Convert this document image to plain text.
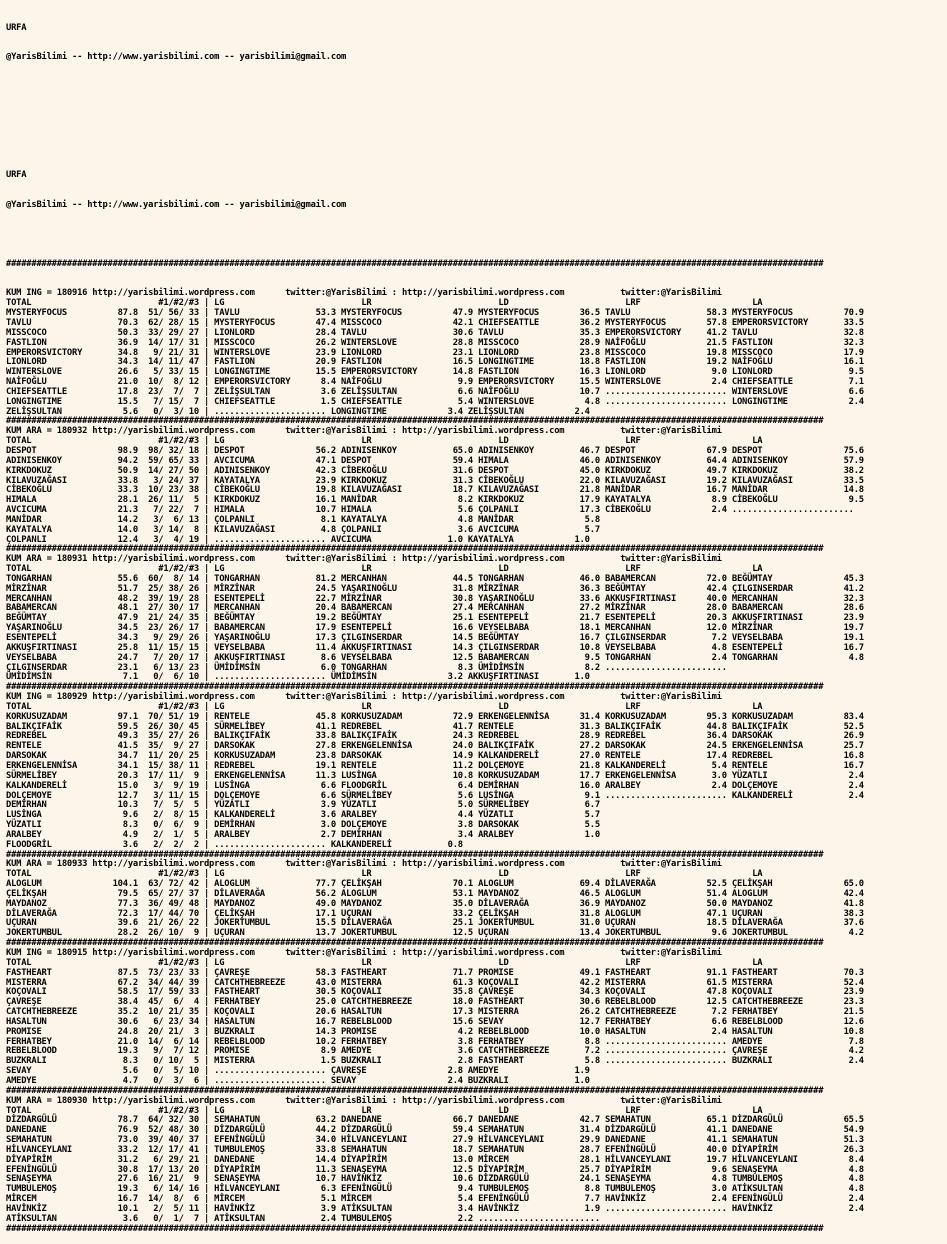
URFA

@YarisBilimi -- http://www.yarisbilimi.com -- yarisbilimi@gmail.com

URFA

@YarisBilimi -- http://www.yarisbilimi.com -- yarisbilimi@gmail.com

#################################################################################################################################################################

KUM ING = 180916 http://yarisbilimi.wordpress.com      twitter:@YarisBilimi : http://yarisbilimi.wordpress.com           twitter:@YarisBilimi
TOTAL                         #1/#2/#3 | LG                           LR                         LD                       LRF                      LA
MYSTERYFOCUS          87.8  51/ 56/ 33 | TAVLU               53.3 MYSTERYFOCUS          47.9 MYSTERYFOCUS        36.5 TAVLU               58.3 MYSTERYFOCUS          70.9
TAVLU                 70.3  62/ 28/ 15 | MYSTERYFOCUS        47.4 MISSCOCO              42.1 CHIEFSEATTLE        36.2 MYSTERYFOCUS        57.8 EMPERORSVICTORY       33.5
MISSCOCO              50.3  33/ 29/ 27 | LIONLORD            28.4 TAVLU                 30.6 TAVLU               35.3 EMPERORSVICTORY     41.2 TAVLU                 32.8
FASTLION              36.9  14/ 17/ 31 | MISSCOCO            26.2 WINTERSLOVE           28.8 MISSCOCO            28.9 NAİFOĞLU            21.5 FASTLION              32.3
EMPERORSVICTORY       34.8   9/ 21/ 31 | WINTERSLOVE         23.9 LIONLORD              23.1 LIONLORD            23.8 MISSCOCO            19.8 MISSCOCO              17.9
LIONLORD              34.3  14/ 11/ 47 | FASTLION            20.9 FASTLION              16.5 LONGINGTIME         18.8 FASTLION            19.2 NAİFOĞLU              16.1
WINTERSLOVE           26.6   5/ 33/ 15 | LONGINGTIME         15.5 EMPERORSVICTORY       14.8 FASTLION            16.3 LIONLORD             9.0 LIONLORD               9.5
NAİFOĞLU              21.0  10/  8/ 12 | EMPERORSVICTORY      8.4 NAİFOĞLU               9.9 EMPERORSVICTORY     15.5 WINTERSLOVE          2.4 CHIEFSEATTLE           7.1
CHIEFSEATTLE          17.8  23/  7/  7 | ZELİŞSULTAN          3.6 ZELİŞSULTAN            6.6 NAİFOĞLU            10.7 ........................ WINTERSLOVE            6.6
LONGINGTIME           15.5   7/ 15/  7 | CHIEFSEATTLE         1.5 CHIEFSEATTLE           5.4 WINTERSLOVE          4.8 ........................ LONGINGTIME            2.4
ZELİŞSULTAN            5.6   0/  3/ 10 | ...................... LONGINGTIME            3.4 ZELİŞSULTAN          2.4
#################################################################################################################################################################
KUM ARA = 180932 http://yarisbilimi.wordpress.com      twitter:@YarisBilimi : http://yarisbilimi.wordpress.com           twitter:@YarisBilimi
TOTAL                         #1/#2/#3 | LG                           LR                         LD                       LRF                      LA
DESPOT                98.9  98/ 32/ 18 | DESPOT              56.2 ADINISENKOY           65.0 ADINISENKOY         46.7 DESPOT              67.9 DESPOT                75.6
ADINISENKOY           94.2  59/ 65/ 33 | AVCICUMA            47.1 DESPOT                59.4 HIMALA              46.0 ADINISENKOY         64.4 ADINISENKOY           57.9
KIRKDOKUZ             50.9  14/ 27/ 50 | ADINISENKOY         42.3 CİBEKOĞLU             31.6 DESPOT              45.0 KIRKDOKUZ           49.7 KIRKDOKUZ             38.2
KILAVUZAĞASI          33.8   3/ 24/ 37 | KAYATALYA           23.9 KIRKDOKUZ             31.3 CİBEKOĞLU           22.0 KILAVUZAĞASI        19.2 KILAVUZAĞASI          33.5
CİBEKOĞLU             33.3  10/ 23/ 38 | CİBEKOĞLU           19.8 KILAVUZAĞASI          18.7 KILAVUZAĞASI        21.8 MANİDAR             16.7 MANİDAR               14.8
HIMALA                28.1  26/ 11/  5 | KIRKDOKUZ           16.1 MANİDAR                8.2 KIRKDOKUZ           17.9 KAYATALYA            8.9 CİBEKOĞLU              9.5
AVCICUMA              21.3   7/ 22/  7 | HIMALA              10.7 HIMALA                 5.6 ÇOLPANLI            17.3 CİBEKOĞLU            2.4 ........................
MANİDAR               14.2   3/  6/ 13 | ÇOLPANLI             8.1 KAYATALYA              4.8 MANİDAR              5.8
KAYATALYA             14.0   3/ 14/  8 | KILAVUZAĞASI         4.8 ÇOLPANLI               3.6 AVCICUMA             5.7
ÇOLPANLI              12.4   3/  4/ 19 | ...................... AVCICUMA               1.0 KAYATALYA            1.0
#################################################################################################################################################################
KUM ARA = 180931 http://yarisbilimi.wordpress.com      twitter:@YarisBilimi : http://yarisbilimi.wordpress.com           twitter:@YarisBilimi
TOTAL                         #1/#2/#3 | LG                           LR                         LD                       LRF                      LA
TONGARHAN             55.6  60/  8/ 14 | TONGARHAN           81.2 MERCANHAN             44.5 TONGARHAN           46.0 BABAMERCAN          72.0 BEĞÜMTAY              45.3
MİRZİNAR              51.7  25/ 38/ 26 | MİRZİNAR            24.5 YAŞARINOĞLU           31.8 MİRZİNAR            36.3 BEĞÜMTAY            42.4 ÇILGINSERDAR          41.2
MERCANHAN             48.2  39/ 19/ 28 | ESENTEPELİ          22.7 MİRZİNAR              30.8 YAŞARINOĞLU         33.6 AKKUŞFIRTINASI      40.0 MERCANHAN             32.3
BABAMERCAN            48.1  27/ 30/ 17 | MERCANHAN           20.4 BABAMERCAN            27.4 MERCANHAN           27.2 MİRZİNAR            28.0 BABAMERCAN            28.6
BEĞÜMTAY              47.9  21/ 24/ 35 | BEĞÜMTAY            19.2 BEĞÜMTAY              25.1 ESENTEPELİ          21.7 ESENTEPELİ          20.3 AKKUŞFIRTINASI        23.9
YAŞARINOĞLU           34.5  23/ 26/ 17 | BABAMERCAN          17.9 ESENTEPELİ            16.6 VEYSELBABA          18.1 MERCANHAN           12.0 MİRZİNAR              19.7
ESENTEPELİ            34.3   9/ 29/ 26 | YAŞARINOĞLU         17.3 ÇILGINSERDAR          14.5 BEĞÜMTAY            16.7 ÇILGINSERDAR         7.2 VEYSELBABA            19.1
AKKUŞFIRTINASI        25.8  11/ 15/ 15 | VEYSELBABA          11.4 AKKUŞFIRTINASI        14.3 ÇILGINSERDAR        10.8 VEYSELBABA           4.8 ESENTEPELİ            16.7
VEYSELBABA            24.7   7/ 20/ 17 | AKKUŞFIRTINASI       8.6 VEYSELBABA            12.5 BABAMERCAN           9.5 TONGARHAN            2.4 TONGARHAN              4.8
ÇILGINSERDAR          23.1   6/ 13/ 23 | ÜMİDİMSİN            6.0 TONGARHAN              8.3 ÜMİDİMSİN            8.2 ........................
ÜMİDİMSİN              7.1   0/  6/ 10 | ...................... ÜMİDİMSİN              3.2 AKKUŞFIRTINASI       1.0
#################################################################################################################################################################
KUM ING = 180929 http://yarisbilimi.wordpress.com      twitter:@YarisBilimi : http://yarisbilimi.wordpress.com           twitter:@YarisBilimi
TOTAL                         #1/#2/#3 | LG                           LR                         LD                       LRF                      LA
KORKUSUZADAM          97.1  70/ 51/ 19 | RENTELE             45.8 KORKUSUZADAM          72.9 ERKENGELENNİSA      31.4 KORKUSUZADAM        95.3 KORKUSUZADAM          83.4
BALIKÇIFAİK           59.5  26/ 30/ 45 | SÜRMELİBEY          41.1 REDREBEL              41.7 RENTELE             31.3 BALIKÇIFAİK         44.8 BALIKÇIFAİK           52.5
REDREBEL              49.3  35/ 27/ 26 | BALIKÇIFAİK         33.8 BALIKÇIFAİK           24.3 REDREBEL            28.9 REDREBEL            36.4 DARSOKAK              26.9
RENTELE               41.5  35/  9/ 27 | DARSOKAK            27.8 ERKENGELENNİSA        24.0 BALIKÇIFAİK         27.2 DARSOKAK            24.5 ERKENGELENNİSA        25.7
DARSOKAK              34.7  11/ 20/ 25 | KORKUSUZADAM        23.8 DARSOKAK              14.9 KALKANDERELİ        27.0 RENTELE             17.4 REDREBEL              16.8
ERKENGELENNİSA        34.1  15/ 38/ 11 | REDREBEL            19.1 RENTELE               11.2 DOLÇEMOYE           21.8 KALKANDERELİ         5.4 RENTELE               16.7
SÜRMELİBEY            20.3  17/ 11/  9 | ERKENGELENNİSA      11.3 LUSİNGA               10.8 KORKUSUZADAM        17.7 ERKENGELENNİSA       3.0 YÜZATLI                2.4
KALKANDERELİ          15.0   3/  9/ 19 | LUSİNGA              6.6 FLOODGRİL              6.4 DEMİRHAN            16.0 ARALBEY              2.4 DOLÇEMOYE              2.4
DOLÇEMOYE             12.7   3/ 11/ 15 | DOLÇEMOYE            6.6 SÜRMELİBEY             5.6 LUSİNGA              9.1 ........................ KALKANDERELİ           2.4
DEMİRHAN              10.3   7/  5/  5 | YÜZATLI              3.9 YÜZATLI                5.0 SÜRMELİBEY           6.7
LUSİNGA                9.6   2/  8/ 15 | KALKANDERELİ         3.6 ARALBEY                4.4 YÜZATLI              5.7
YÜZATLI                8.3   0/  6/  9 | DEMİRHAN             3.0 DOLÇEMOYE              3.8 DARSOKAK             5.5
ARALBEY                4.9   2/  1/  5 | ARALBEY              2.7 DEMİRHAN               3.4 ARALBEY              1.0
FLOODGRİL              3.6   2/  2/  2 | ...................... KALKANDERELİ           0.8
#################################################################################################################################################################
KUM ARA = 180933 http://yarisbilimi.wordpress.com      twitter:@YarisBilimi : http://yarisbilimi.wordpress.com           twitter:@YarisBilimi
TOTAL                         #1/#2/#3 | LG                           LR                         LD                       LRF                      LA
ALOGLUM              104.1  63/ 72/ 42 | ALOGLUM             77.7 ÇELİKŞAH              70.1 ALOGLUM             69.4 DİLAVERAĞA          52.5 ÇELİKŞAH              65.0
ÇELİKŞAH              79.5  65/ 27/ 37 | DİLAVERAĞA          56.2 ALOGLUM               53.1 MAYDANOZ            46.5 ALOGLUM             51.4 ALOGLUM               42.4
MAYDANOZ              77.3  36/ 49/ 48 | MAYDANOZ            49.0 MAYDANOZ              35.0 DİLAVERAĞA          36.9 MAYDANOZ            50.0 MAYDANOZ              41.8
DİLAVERAĞA            72.3  17/ 44/ 70 | ÇELİKŞAH            17.1 UÇURAN                33.2 ÇELİKŞAH            31.8 ALOGLUM             47.1 UÇURAN                38.3
UÇURAN                39.6  21/ 26/ 22 | JOKERTUMBUL         15.5 DİLAVERAĞA            25.1 JOKERTUMBUL         31.0 UÇURAN              18.5 DİLAVERAĞA            37.6
JOKERTUMBUL           28.2  26/ 10/  9 | UÇURAN              13.7 JOKERTUMBUL           12.5 UÇURAN              13.4 JOKERTUMBUL          9.6 JOKERTUMBUL            4.2
#################################################################################################################################################################
KUM ING = 180915 http://yarisbilimi.wordpress.com      twitter:@YarisBilimi : http://yarisbilimi.wordpress.com           twitter:@YarisBilimi
TOTAL                         #1/#2/#3 | LG                           LR                         LD                       LRF                      LA
FASTHEART             87.5  73/ 23/ 33 | ÇAVREŞE             58.3 FASTHEART             71.7 PROMISE             49.1 FASTHEART           91.1 FASTHEART             70.3
MISTERRA              67.2  34/ 44/ 39 | CATCHTHEBREEZE      43.0 MISTERRA              61.3 KOÇOVALI            42.2 MISTERRA            61.5 MISTERRA              52.4
KOÇOVALI              58.5  17/ 59/ 33 | FASTHEART           30.5 KOÇOVALI              35.8 ÇAVREŞE             34.3 KOÇOVALI            47.8 KOÇOVALI              23.9
ÇAVREŞE               38.4  45/  6/  4 | FERHATBEY           25.0 CATCHTHEBREEZE        18.0 FASTHEART           30.6 REBELBLOOD          12.5 CATCHTHEBREEZE        23.3
CATCHTHEBREEZE        35.2  10/ 21/ 35 | KOÇOVALI            20.6 HASALTUN              17.3 MISTERRA            26.2 CATCHTHEBREEZE       7.2 FERHATBEY             21.5
HASALTUN              30.6   6/ 23/ 34 | HASALTUN            16.7 REBELBLOOD            15.6 SEVAY               12.7 FERHATBEY            6.6 REBELBLOOD            12.6
PROMISE               24.8  20/ 21/  3 | BUZKRALI            14.3 PROMISE                4.2 REBELBLOOD          10.0 HASALTUN             2.4 HASALTUN              10.8
FERHATBEY             21.0  14/  6/ 14 | REBELBLOOD          10.2 FERHATBEY              3.8 FERHATBEY            8.8 ........................ AMEDYE                 7.8
REBELBLOOD            19.3   9/  7/ 12 | PROMISE              8.9 AMEDYE                 3.6 CATCHTHEBREEZE       7.2 ........................ ÇAVREŞE                4.2
BUZKRALI               8.3   0/ 10/  5 | MISTERRA             1.5 BUZKRALI               2.8 FASTHEART            5.8 ........................ BUZKRALI               2.4
SEVAY                  5.6   0/  5/ 10 | ...................... ÇAVREŞE                2.8 AMEDYE               1.9
AMEDYE                 4.7   0/  3/  6 | ...................... SEVAY                  2.4 BUZKRALI             1.0
#################################################################################################################################################################
KUM ARA = 180930 http://yarisbilimi.wordpress.com      twitter:@YarisBilimi : http://yarisbilimi.wordpress.com           twitter:@YarisBilimi
TOTAL                         #1/#2/#3 | LG                           LR                         LD                       LRF                      LA
DİZDARGÜLÜ            78.7  64/ 32/ 30 | SEMAHATUN           63.2 DANEDANE              66.7 DANEDANE            42.7 SEMAHATUN           65.1 DİZDARGÜLÜ            65.5
DANEDANE              76.9  52/ 48/ 30 | DİZDARGÜLÜ          44.2 DİZDARGÜLÜ            59.4 SEMAHATUN           31.4 DİZDARGÜLÜ          41.1 DANEDANE              54.9
SEMAHATUN             73.0  39/ 40/ 37 | EFENİNGÜLÜ          34.0 HİLVANCEYLANI         27.9 HİLVANCEYLANI       29.9 DANEDANE            41.1 SEMAHATUN             51.3
HİLVANCEYLANI         33.2  12/ 17/ 41 | TUMBULEMOŞ          33.8 SEMAHATUN             18.7 SEMAHATUN           28.7 EFENİNGÜLÜ          40.0 DİYAPİRİM             26.3
DİYAPİRİM             31.2   6/ 29/ 21 | DANEDANE            14.4 DİYAPİRİM             13.0 MİRCEM              28.1 HİLVANCEYLANI       19.7 HİLVANCEYLANI          8.4
EFENİNGÜLÜ            30.8  17/ 13/ 20 | DİYAPİRİM           11.3 SENAŞEYMA             12.5 DİYAPİRİM           25.7 DİYAPİRİM            9.6 SENAŞEYMA              4.8
SENAŞEYMA             27.6  16/ 21/  9 | SENAŞEYMA           10.7 HAVİNKİZ              10.6 DİZDARGÜLÜ          24.1 SENAŞEYMA            4.8 TUMBULEMOŞ             4.8
TUMBULEMOŞ            19.3   6/ 14/ 16 | HİLVANCEYLANI        6.3 EFENİNGÜLÜ             9.4 TUMBULEMOŞ           8.8 TUMBULEMOŞ           3.0 ATİKSULTAN             4.8
MİRCEM                16.7  14/  8/  6 | MİRCEM               5.1 MİRCEM                 5.4 EFENİNGÜLÜ           7.7 HAVİNKİZ             2.4 EFENİNGÜLÜ             2.4
HAVİNKİZ              10.1   2/  5/ 11 | HAVİNKİZ             3.9 ATİKSULTAN             3.4 HAVİNKİZ             1.9 ........................ HAVİNKİZ               2.4
ATİKSULTAN             3.6   0/  1/  7 | ATİKSULTAN           2.4 TUMBULEMOŞ             2.2 ........................
#################################################################################################################################################################
